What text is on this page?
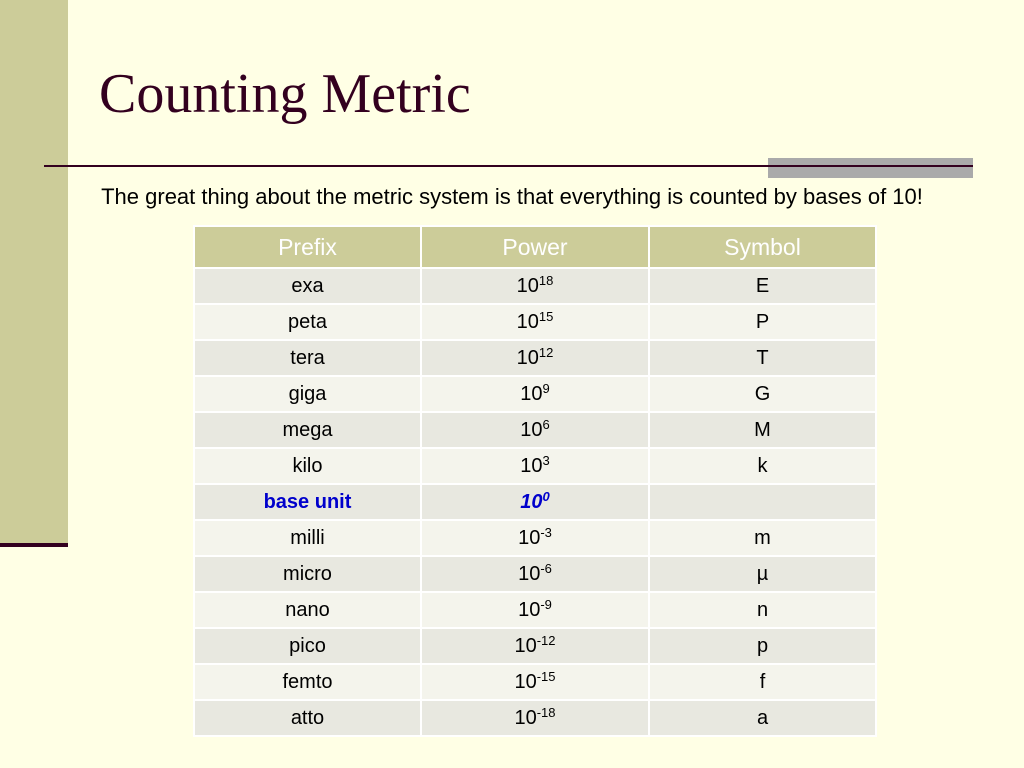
Counting Metric
The great thing about the metric system is that everything is counted by bases of 10!
Prefix	Power	Symbol
exa	$10^{18}$	E
peta	$10^{15}$	P
tera	$10^{12}$	T
giga	$10^9$	G
mega	$10^6$	M
kilo	$10^3$	k
base unit	$10^0$	
milli	$10^{-3}$	m
micro	$10^{-6}$	µ
nano	$10^{-9}$	n
pico	$10^{-12}$	p
femto	$10^{-15}$	f
atto	$10^{-18}$	a
